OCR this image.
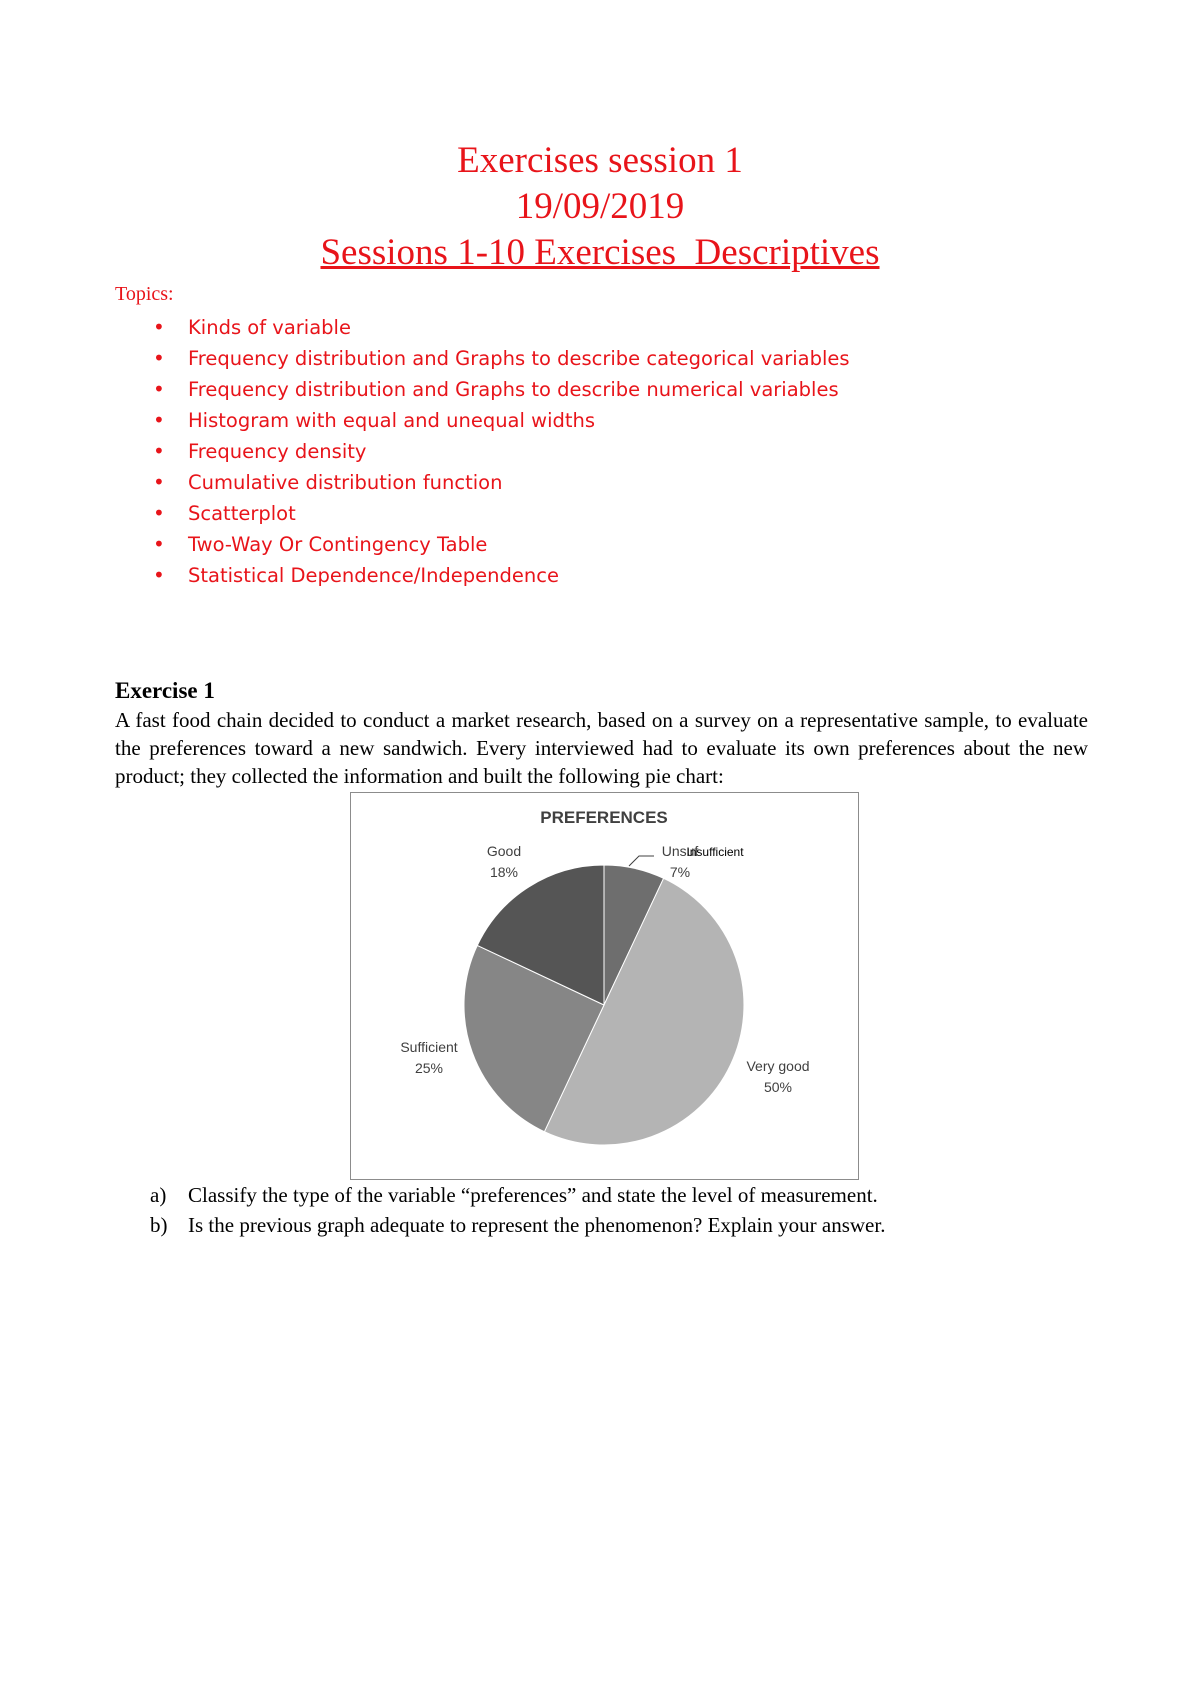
Exercises session 1
19/09/2019
Sessions 1-10 Exercises_Descriptives
Topics:
• Kinds of variable
• Frequency distribution and Graphs to describe categorical variables
• Frequency distribution and Graphs to describe numerical variables
• Histogram with equal and unequal widths
• Frequency density
• Cumulative distribution function
• Scatterplot
• Two-Way Or Contingency Table
• Statistical Dependence/Independence
Exercise 1
A fast food chain decided to conduct a market research, based on a survey on a representative sample, to evaluate the preferences toward a new sandwich. Every interviewed had to evaluate its own preferences about the new product; they collected the information and built the following pie chart:
PREFERENCES
Unsuf
7%
Very good
50%
Sufficient
25%
Good
18%
Insufficient
a) Classify the type of the variable “preferences” and state the level of measurement.
b) Is the previous graph adequate to represent the phenomenon? Explain your answer.
